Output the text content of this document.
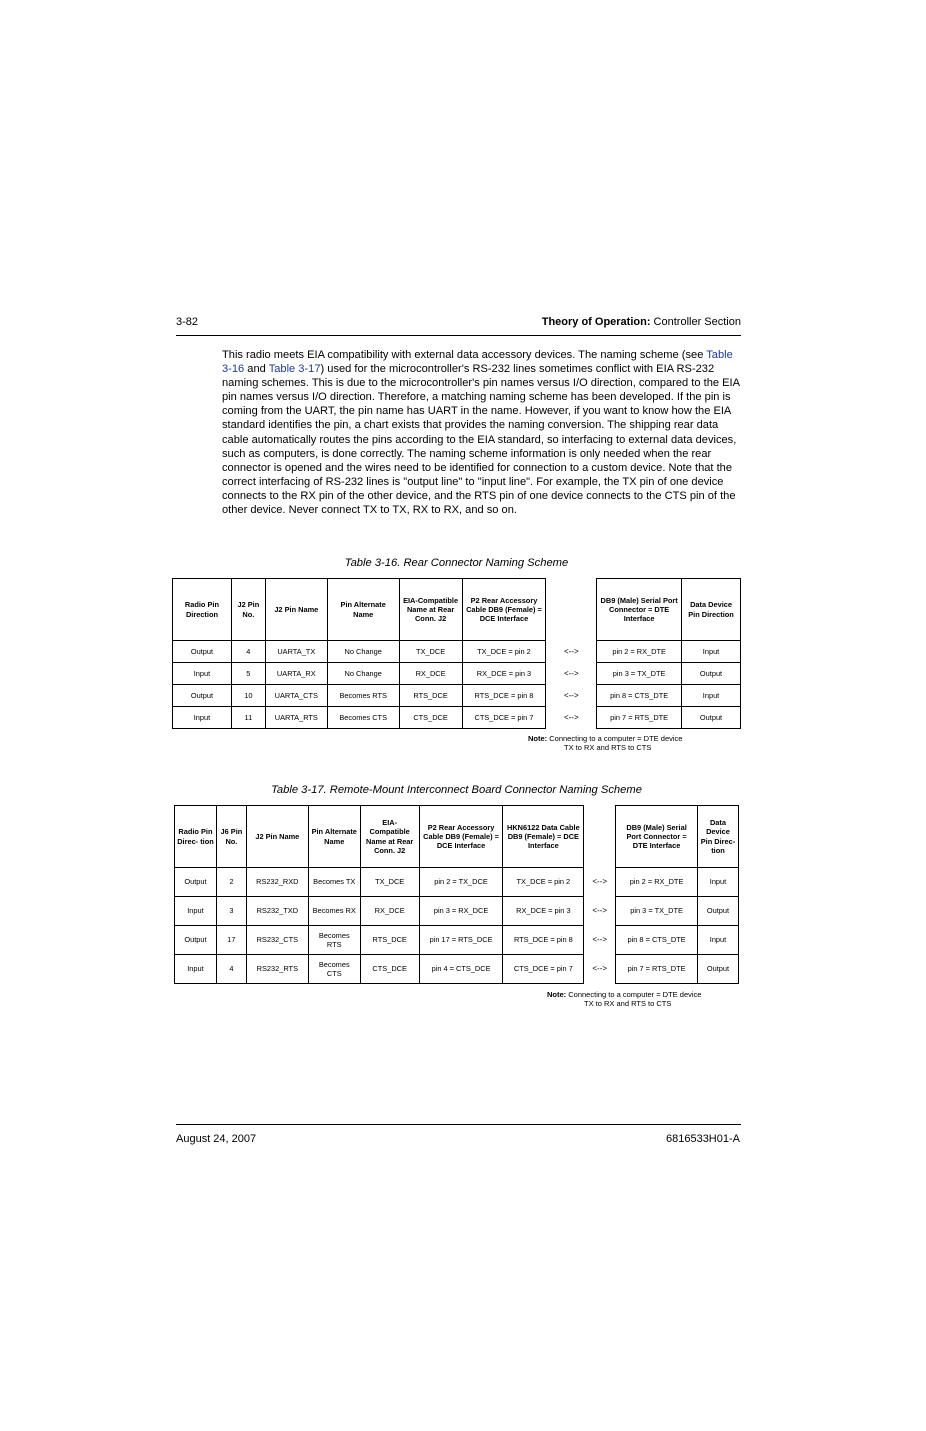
3-82	Theory of Operation: Controller Section
This radio meets EIA compatibility with external data accessory devices. The naming scheme (see Table 3-16 and Table 3-17) used for the microcontroller's RS-232 lines sometimes conflict with EIA RS-232 naming schemes. This is due to the microcontroller's pin names versus I/O direction, compared to the EIA pin names versus I/O direction. Therefore, a matching naming scheme has been developed. If the pin is coming from the UART, the pin name has UART in the name. However, if you want to know how the EIA standard identifies the pin, a chart exists that provides the naming conversion. The shipping rear data cable automatically routes the pins according to the EIA standard, so interfacing to external data devices, such as computers, is done correctly. The naming scheme information is only needed when the rear connector is opened and the wires need to be identified for connection to a custom device. Note that the correct interfacing of RS-232 lines is "output line" to "input line". For example, the TX pin of one device connects to the RX pin of the other device, and the RTS pin of one device connects to the CTS pin of the other device. Never connect TX to TX, RX to RX, and so on.
Table 3-16. Rear Connector Naming Scheme
Radio Pin Direction	J2 Pin No.	J2 Pin Name	Pin Alternate Name	EIA-Compatible Name at Rear Conn. J2	P2 Rear Accessory Cable DB9 (Female) = DCE Interface		DB9 (Male) Serial Port Connector = DTE Interface	Data Device Pin Direction
Output	4	UARTA_TX	No Change	TX_DCE	TX_DCE = pin 2	<-->	pin 2 = RX_DTE	Input
Input	5	UARTA_RX	No Change	RX_DCE	RX_DCE = pin 3	<-->	pin 3 = TX_DTE	Output
Output	10	UARTA_CTS	Becomes RTS	RTS_DCE	RTS_DCE = pin 8	<-->	pin 8 = CTS_DTE	Input
Input	11	UARTA_RTS	Becomes CTS	CTS_DCE	CTS_DCE = pin 7	<-->	pin 7 = RTS_DTE	Output
Note: Connecting to a computer = DTE device
TX to RX and RTS to CTS
Table 3-17. Remote-Mount Interconnect Board Connector Naming Scheme
Radio Pin Direc- tion	J6 Pin No.	J2 Pin Name	Pin Alternate Name	EIA-Compatible Name at Rear Conn. J2	P2 Rear Accessory Cable DB9 (Female) = DCE Interface	HKN6122 Data Cable DB9 (Female) = DCE Interface		DB9 (Male) Serial Port Connector = DTE Interface	Data Device Pin Direc- tion
Output	2	RS232_RXD	Becomes TX	TX_DCE	pin 2 = TX_DCE	TX_DCE = pin 2	<-->	pin 2 = RX_DTE	Input
Input	3	RS232_TXD	Becomes RX	RX_DCE	pin 3 = RX_DCE	RX_DCE = pin 3	<-->	pin 3 = TX_DTE	Output
Output	17	RS232_CTS	Becomes RTS	RTS_DCE	pin 17 = RTS_DCE	RTS_DCE = pin 8	<-->	pin 8 = CTS_DTE	Input
Input	4	RS232_RTS	Becomes CTS	CTS_DCE	pin 4 = CTS_DCE	CTS_DCE = pin 7	<-->	pin 7 = RTS_DTE	Output
Note: Connecting to a computer = DTE device
TX to RX and RTS to CTS
August 24, 2007	6816533H01-A
